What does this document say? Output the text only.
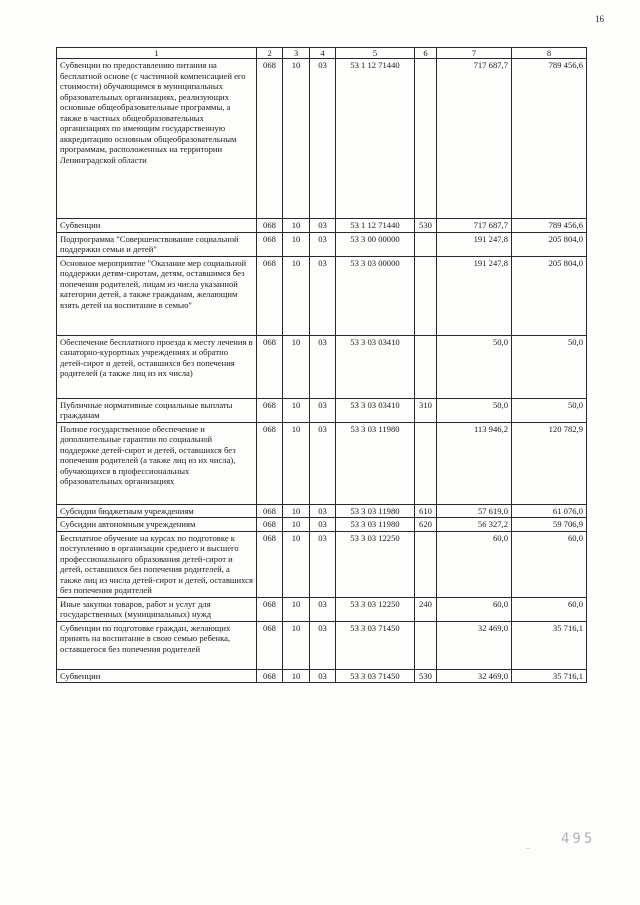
16
1	2	3	4	5	6	7	8
Субвенции по предоставлению питания на бесплатной основе (с частичной компенсацией его стоимости) обучающимся в муниципальных образовательных организациях, реализующих основные общеобразовательные программы, а также в частных общеобразовательных организациях по имеющим государственную аккредитацию основным общеобразовательным программам, расположенных на территории Ленинградской области	068	10	03	53 1 12 71440		717 687,7	789 456,6
Субвенции	068	10	03	53 1 12 71440	530	717 687,7	789 456,6
Подпрограмма "Совершенствование социальной поддержки семьи и детей"	068	10	03	53 3 00 00000		191 247,8	205 804,0
Основное мероприятие "Оказание мер социальной поддержки детям-сиротам, детям, оставшимся без попечения родителей, лицам из числа указанной категории детей, а также гражданам, желающим взять детей на воспитание в семью"	068	10	03	53 3 03 00000		191 247,8	205 804,0
Обеспечение бесплатного проезда к месту лечения в санаторно-курортных учреждениях и обратно детей-сирот и детей, оставшихся без попечения родителей (а также лиц из их числа)	068	10	03	53 3 03 03410		50,0	50,0
Публичные нормативные социальные выплаты гражданам	068	10	03	53 3 03 03410	310	50,0	50,0
Полное государственное обеспечение и дополнительные гарантии по социальной поддержке детей-сирот и детей, оставшихся без попечения родителей (а также лиц из их числа), обучающихся в профессиональных образовательных организациях	068	10	03	53 3 03 11980		113 946,2	120 782,9
Субсидии бюджетным учреждениям	068	10	03	53 3 03 11980	610	57 619,0	61 076,0
Субсидии автономным учреждениям	068	10	03	53 3 03 11980	620	56 327,2	59 706,9
Бесплатное обучение на курсах по подготовке к поступлению в организации среднего и высшего профессионального образования детей-сирот и детей, оставшихся без попечения родителей, а также лиц из числа детей-сирот и детей, оставшихся без попечения родителей	068	10	03	53 3 03 12250		60,0	60,0
Иные закупки товаров, работ и услуг для государственных (муниципальных) нужд	068	10	03	53 3 03 12250	240	60,0	60,0
Субвенции по подготовке граждан, желающих принять на воспитание в свою семью ребенка, оставшегося без попечения родителей	068	10	03	53 3 03 71450		32 469,0	35 716,1
Субвенции	068	10	03	53 3 03 71450	530	32 469,0	35 716,1
–
495
